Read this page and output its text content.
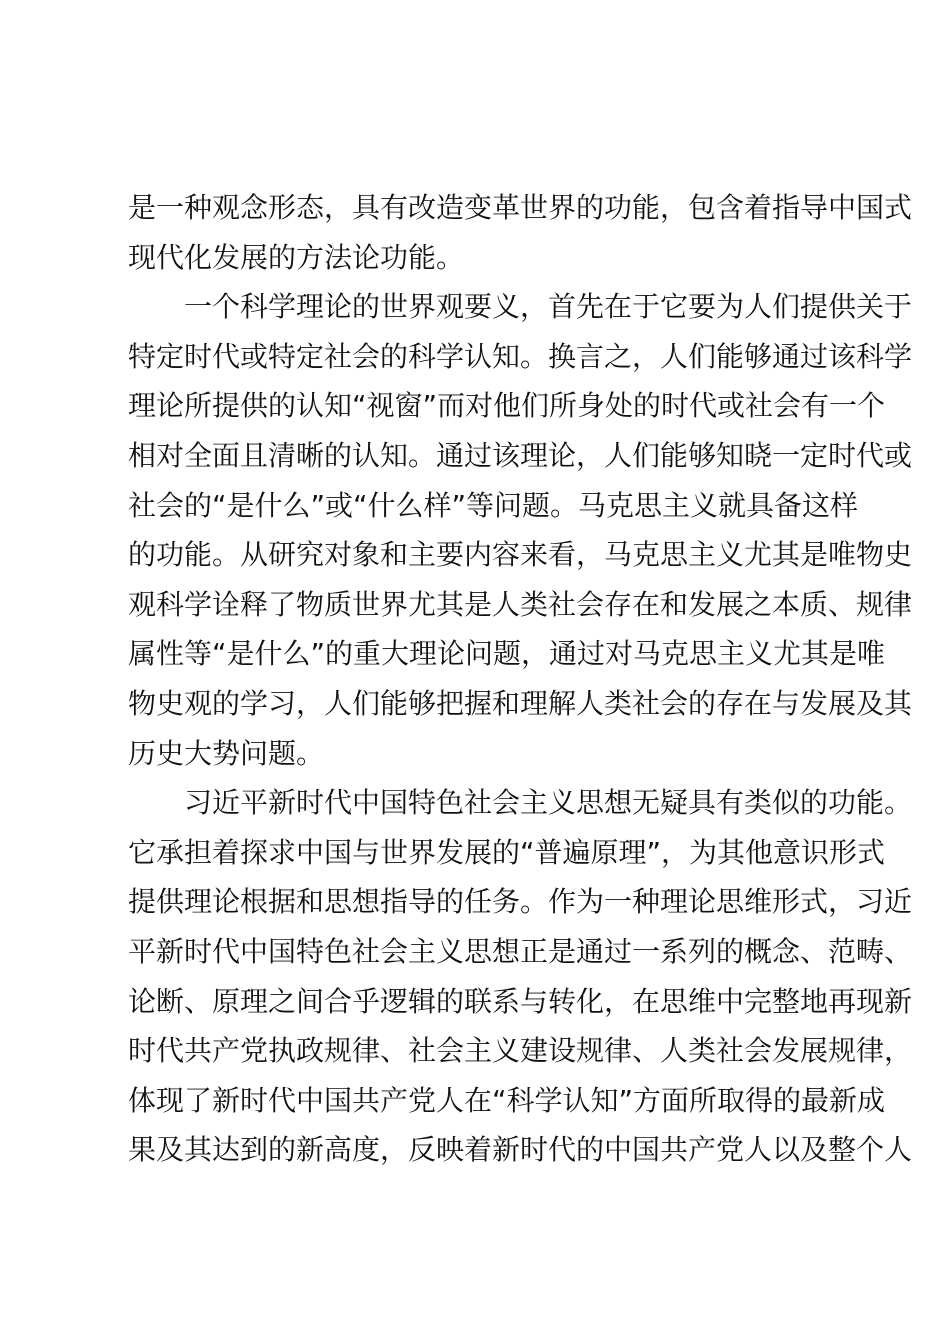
是一种观念形态，具有改造变革世界的功能，包含着指导中国式
现代化发展的方法论功能。
一个科学理论的世界观要义，首先在于它要为人们提供关于
特定时代或特定社会的科学认知。换言之，人们能够通过该科学
理论所提供的认知“视窗”而对他们所身处的时代或社会有一个
相对全面且清晰的认知。通过该理论，人们能够知晓一定时代或
社会的“是什么”或“什么样”等问题。马克思主义就具备这样
的功能。从研究对象和主要内容来看，马克思主义尤其是唯物史
观科学诠释了物质世界尤其是人类社会存在和发展之本质、规律
属性等“是什么”的重大理论问题，通过对马克思主义尤其是唯
物史观的学习，人们能够把握和理解人类社会的存在与发展及其
历史大势问题。
习近平新时代中国特色社会主义思想无疑具有类似的功能。
它承担着探求中国与世界发展的“普遍原理”，为其他意识形式
提供理论根据和思想指导的任务。作为一种理论思维形式，习近
平新时代中国特色社会主义思想正是通过一系列的概念、范畴、
论断、原理之间合乎逻辑的联系与转化，在思维中完整地再现新
时代共产党执政规律、社会主义建设规律、人类社会发展规律，
体现了新时代中国共产党人在“科学认知”方面所取得的最新成
果及其达到的新高度，反映着新时代的中国共产党人以及整个人
